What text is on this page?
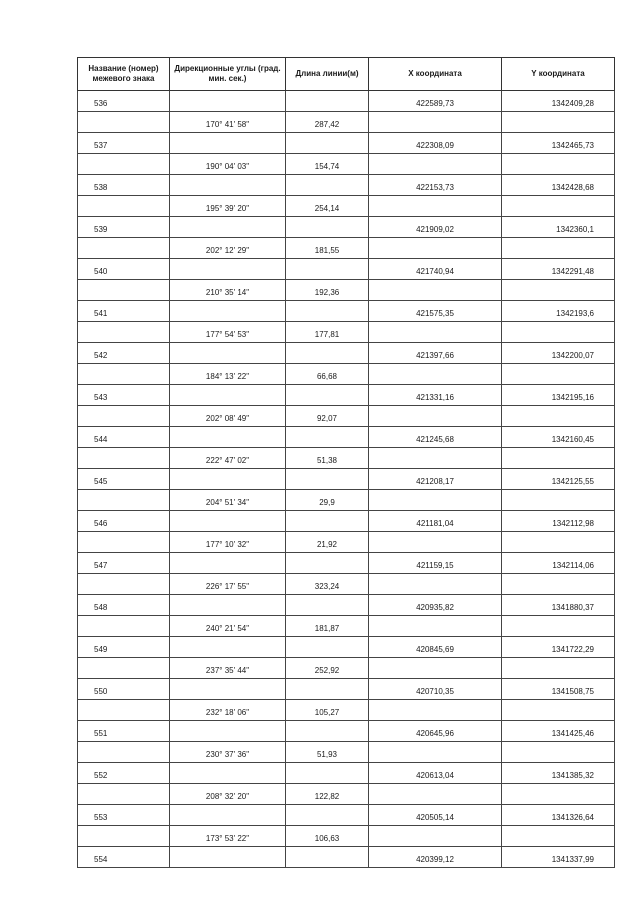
Название (номер) межевого знака	Дирекционные углы (град. мин. сек.)	Длина линии(м)	X координата	Y координата
536			422589,73	1342409,28
	170° 41' 58"	287,42		
537			422308,09	1342465,73
	190° 04' 03"	154,74		
538			422153,73	1342428,68
	195° 39' 20"	254,14		
539			421909,02	1342360,1
	202° 12' 29"	181,55		
540			421740,94	1342291,48
	210° 35' 14"	192,36		
541			421575,35	1342193,6
	177° 54' 53"	177,81		
542			421397,66	1342200,07
	184° 13' 22"	66,68		
543			421331,16	1342195,16
	202° 08' 49"	92,07		
544			421245,68	1342160,45
	222° 47' 02"	51,38		
545			421208,17	1342125,55
	204° 51' 34"	29,9		
546			421181,04	1342112,98
	177° 10' 32"	21,92		
547			421159,15	1342114,06
	226° 17' 55"	323,24		
548			420935,82	1341880,37
	240° 21' 54"	181,87		
549			420845,69	1341722,29
	237° 35' 44"	252,92		
550			420710,35	1341508,75
	232° 18' 06"	105,27		
551			420645,96	1341425,46
	230° 37' 36"	51,93		
552			420613,04	1341385,32
	208° 32' 20"	122,82		
553			420505,14	1341326,64
	173° 53' 22"	106,63		
554			420399,12	1341337,99
